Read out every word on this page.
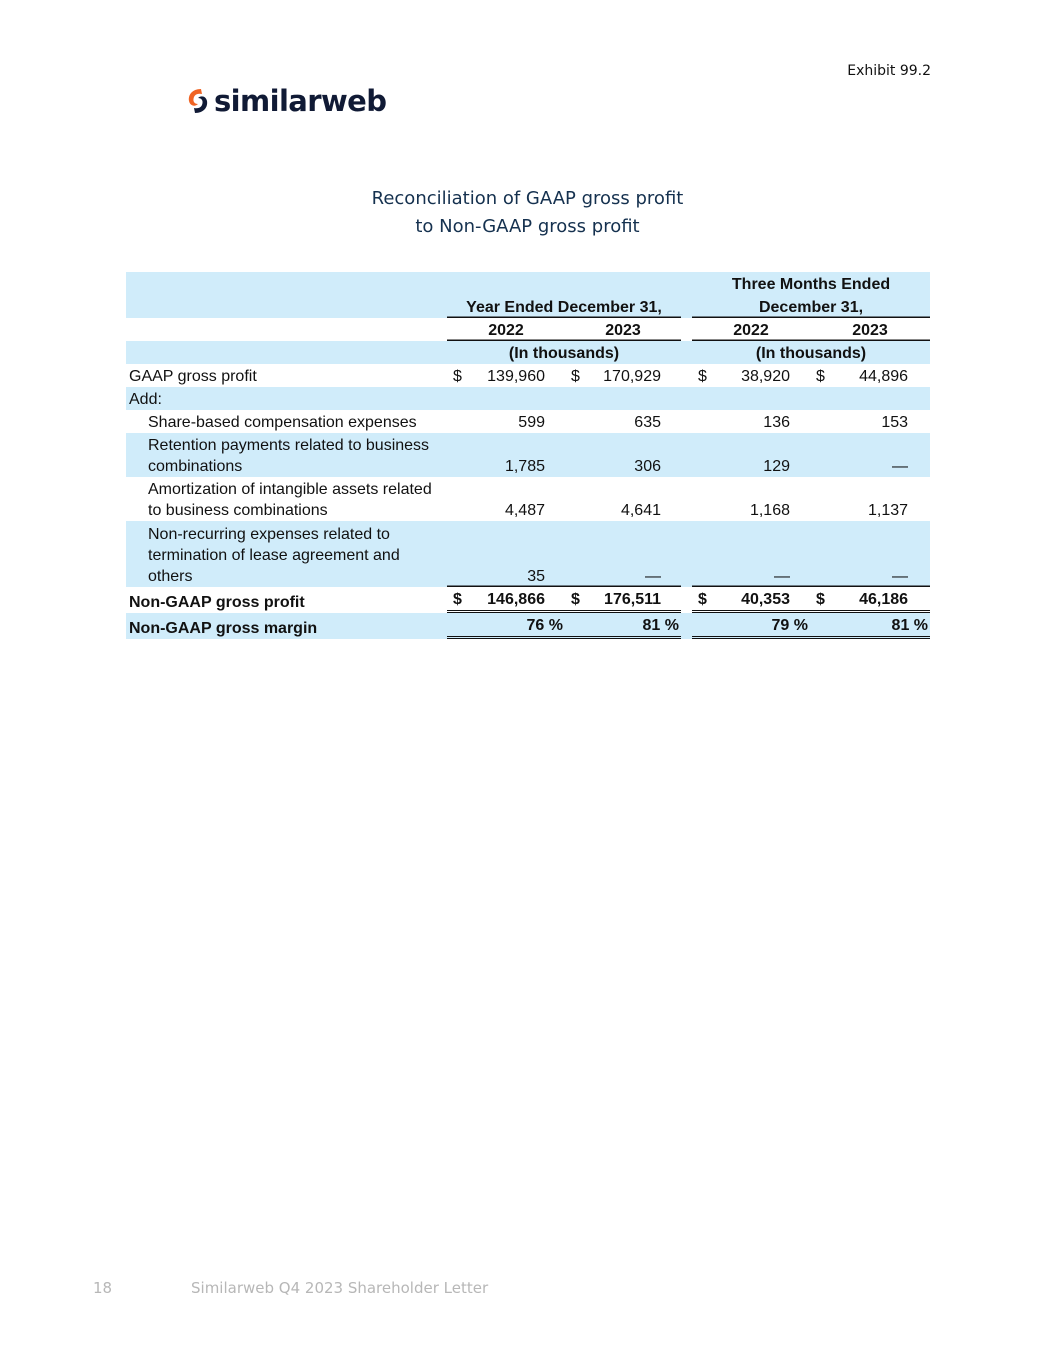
Exhibit 99.2
similarweb
Reconciliation of GAAP gross profit
to Non-GAAP gross profit
				Three Months Ended	
	Year Ended December 31,			December 31,	
	2022	2023		2022	2023
	(In thousands)			(In thousands)	
GAAP gross profit	$ 139,960	$ 170,929		$ 38,920	$ 44,896

Add:					
Share-based compensation expenses	599	635		136	153
Retention payments related to business combinations	1,785	306		129	—
Amortization of intangible assets related to business combinations	4,487	4,641		1,168	1,137
Non-recurring expenses related to termination of lease agreement and others	35	—		—	—
Non-GAAP gross profit	$ 146,866	$ 176,511		$ 40,353	$ 46,186

Non-GAAP gross margin	76 %	81 %		79 %	81 %
18	Similarweb Q4 2023 Shareholder Letter
